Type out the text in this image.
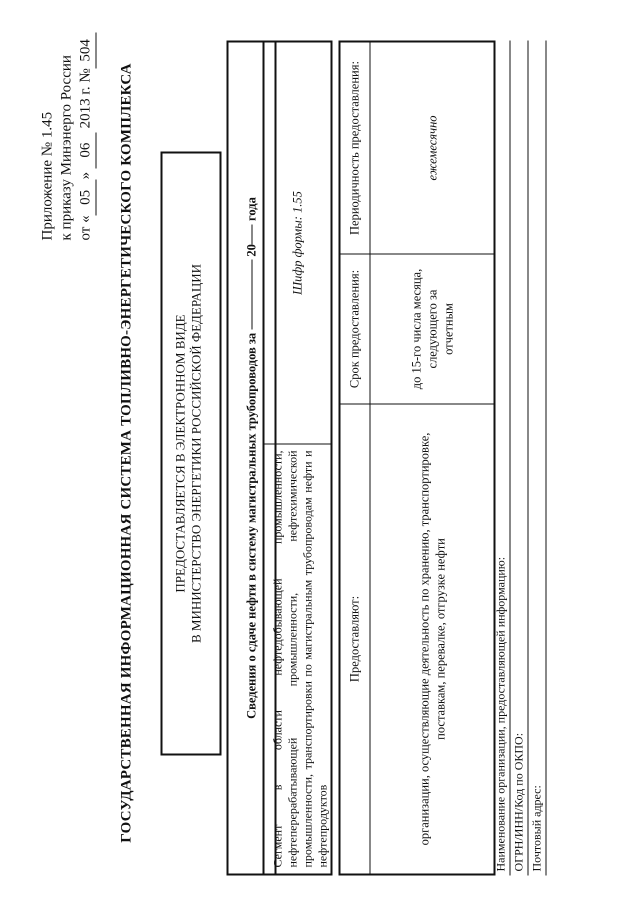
Приложение № 1.45 к приказу Минэнерго России от «05» 06 2013 г. №504
ГОСУДАРСТВЕННАЯ ИНФОРМАЦИОННАЯ СИСТЕМА ТОПЛИВНО-ЭНЕРГЕТИЧЕСКОГО КОМПЛЕКСА	ПРЕДОСТАВЛЯЕТСЯ В ЭЛЕКТРОННОМ ВИДЕ В МИНИСТЕРСТВО ЭНЕРГЕТИКИ РОССИЙСКОЙ ФЕДЕРАЦИИ	Сведения о сдаче нефти в систему магистральных трубопроводов за

20

года
Сегмент в области нефтедобывающей промышленности, нефтеперерабатывающей промышленности, нефтехимической промышленности, транспортировки по магистральным трубопроводам нефти и нефтепродуктов
Шифр формы: 1.55
Предоставляют:
Срок предоставления:
Периодичность предоставления:
организации, осуществляющие деятельность по хранению, транспортировке, поставкам, перевалке, отгрузке нефти
до 15-го числа месяца, следующего за отчетным
ежемесячно
Наименование организации, предоставляющей информацию: ОГРН/ИНН/Код по ОКПО: Почтовый адрес:
